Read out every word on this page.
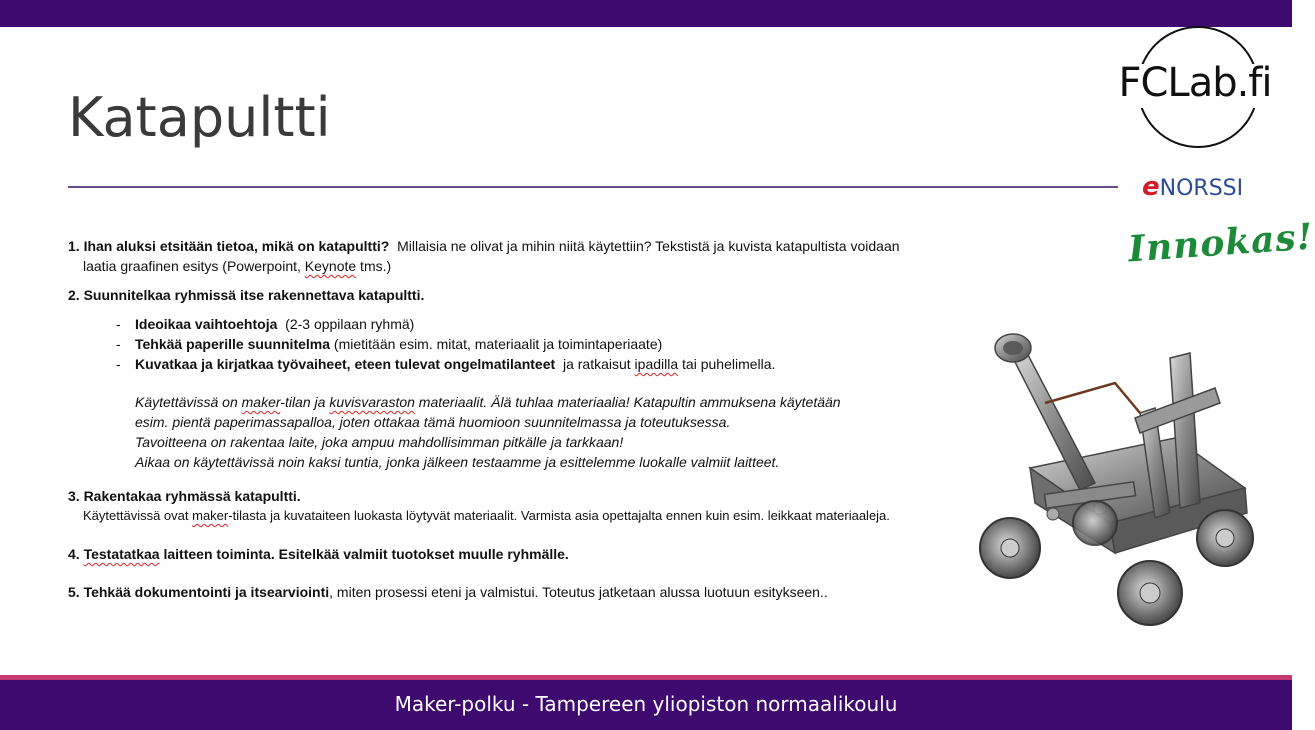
Katapultti
FCLab.fi
eNORSSI
Innokas!

1. Ihan aluksi etsitään tietoa, mikä on katapultti? Millaisia ne olivat ja mihin niitä käytettiin? Tekstistä ja kuvista katapultista voidaan

laatia graafinen esitys (Powerpoint, Keynote tms.)

2. Suunnitelkaa ryhmissä itse rakennettava katapultti.

- Ideoikaa vaihtoehtoja (2-3 oppilaan ryhmä)
- Tehkää paperille suunnitelma (mietitään esim. mitat, materiaalit ja toimintaperiaate)
- Kuvatkaa ja kirjatkaa työvaiheet, eteen tulevat ongelmatilanteet ja ratkaisut ipadilla tai puhelimella.

Käytettävissä on maker-tilan ja kuvisvaraston materiaalit. Älä tuhlaa materiaalia! Katapultin ammuksena käytetään

esim. pientä paperimassapalloa, joten ottakaa tämä huomioon suunnitelmassa ja toteutuksessa.

Tavoitteena on rakentaa laite, joka ampuu mahdollisimman pitkälle ja tarkkaan!

Aikaa on käytettävissä noin kaksi tuntia, jonka jälkeen testaamme ja esittelemme luokalle valmiit laitteet.

3. Rakentakaa ryhmässä katapultti.

Käytettävissä ovat maker-tilasta ja kuvataiteen luokasta löytyvät materiaalit. Varmista asia opettajalta ennen kuin esim. leikkaat materiaaleja.

4. Testatatkaa laitteen toiminta. Esitelkää valmiit tuotokset muulle ryhmälle.

5. Tehkää dokumentointi ja itsearviointi, miten prosessi eteni ja valmistui. Toteutus jatketaan alussa luotuun esitykseen..

Maker-polku - Tampereen yliopiston normaalikoulu
